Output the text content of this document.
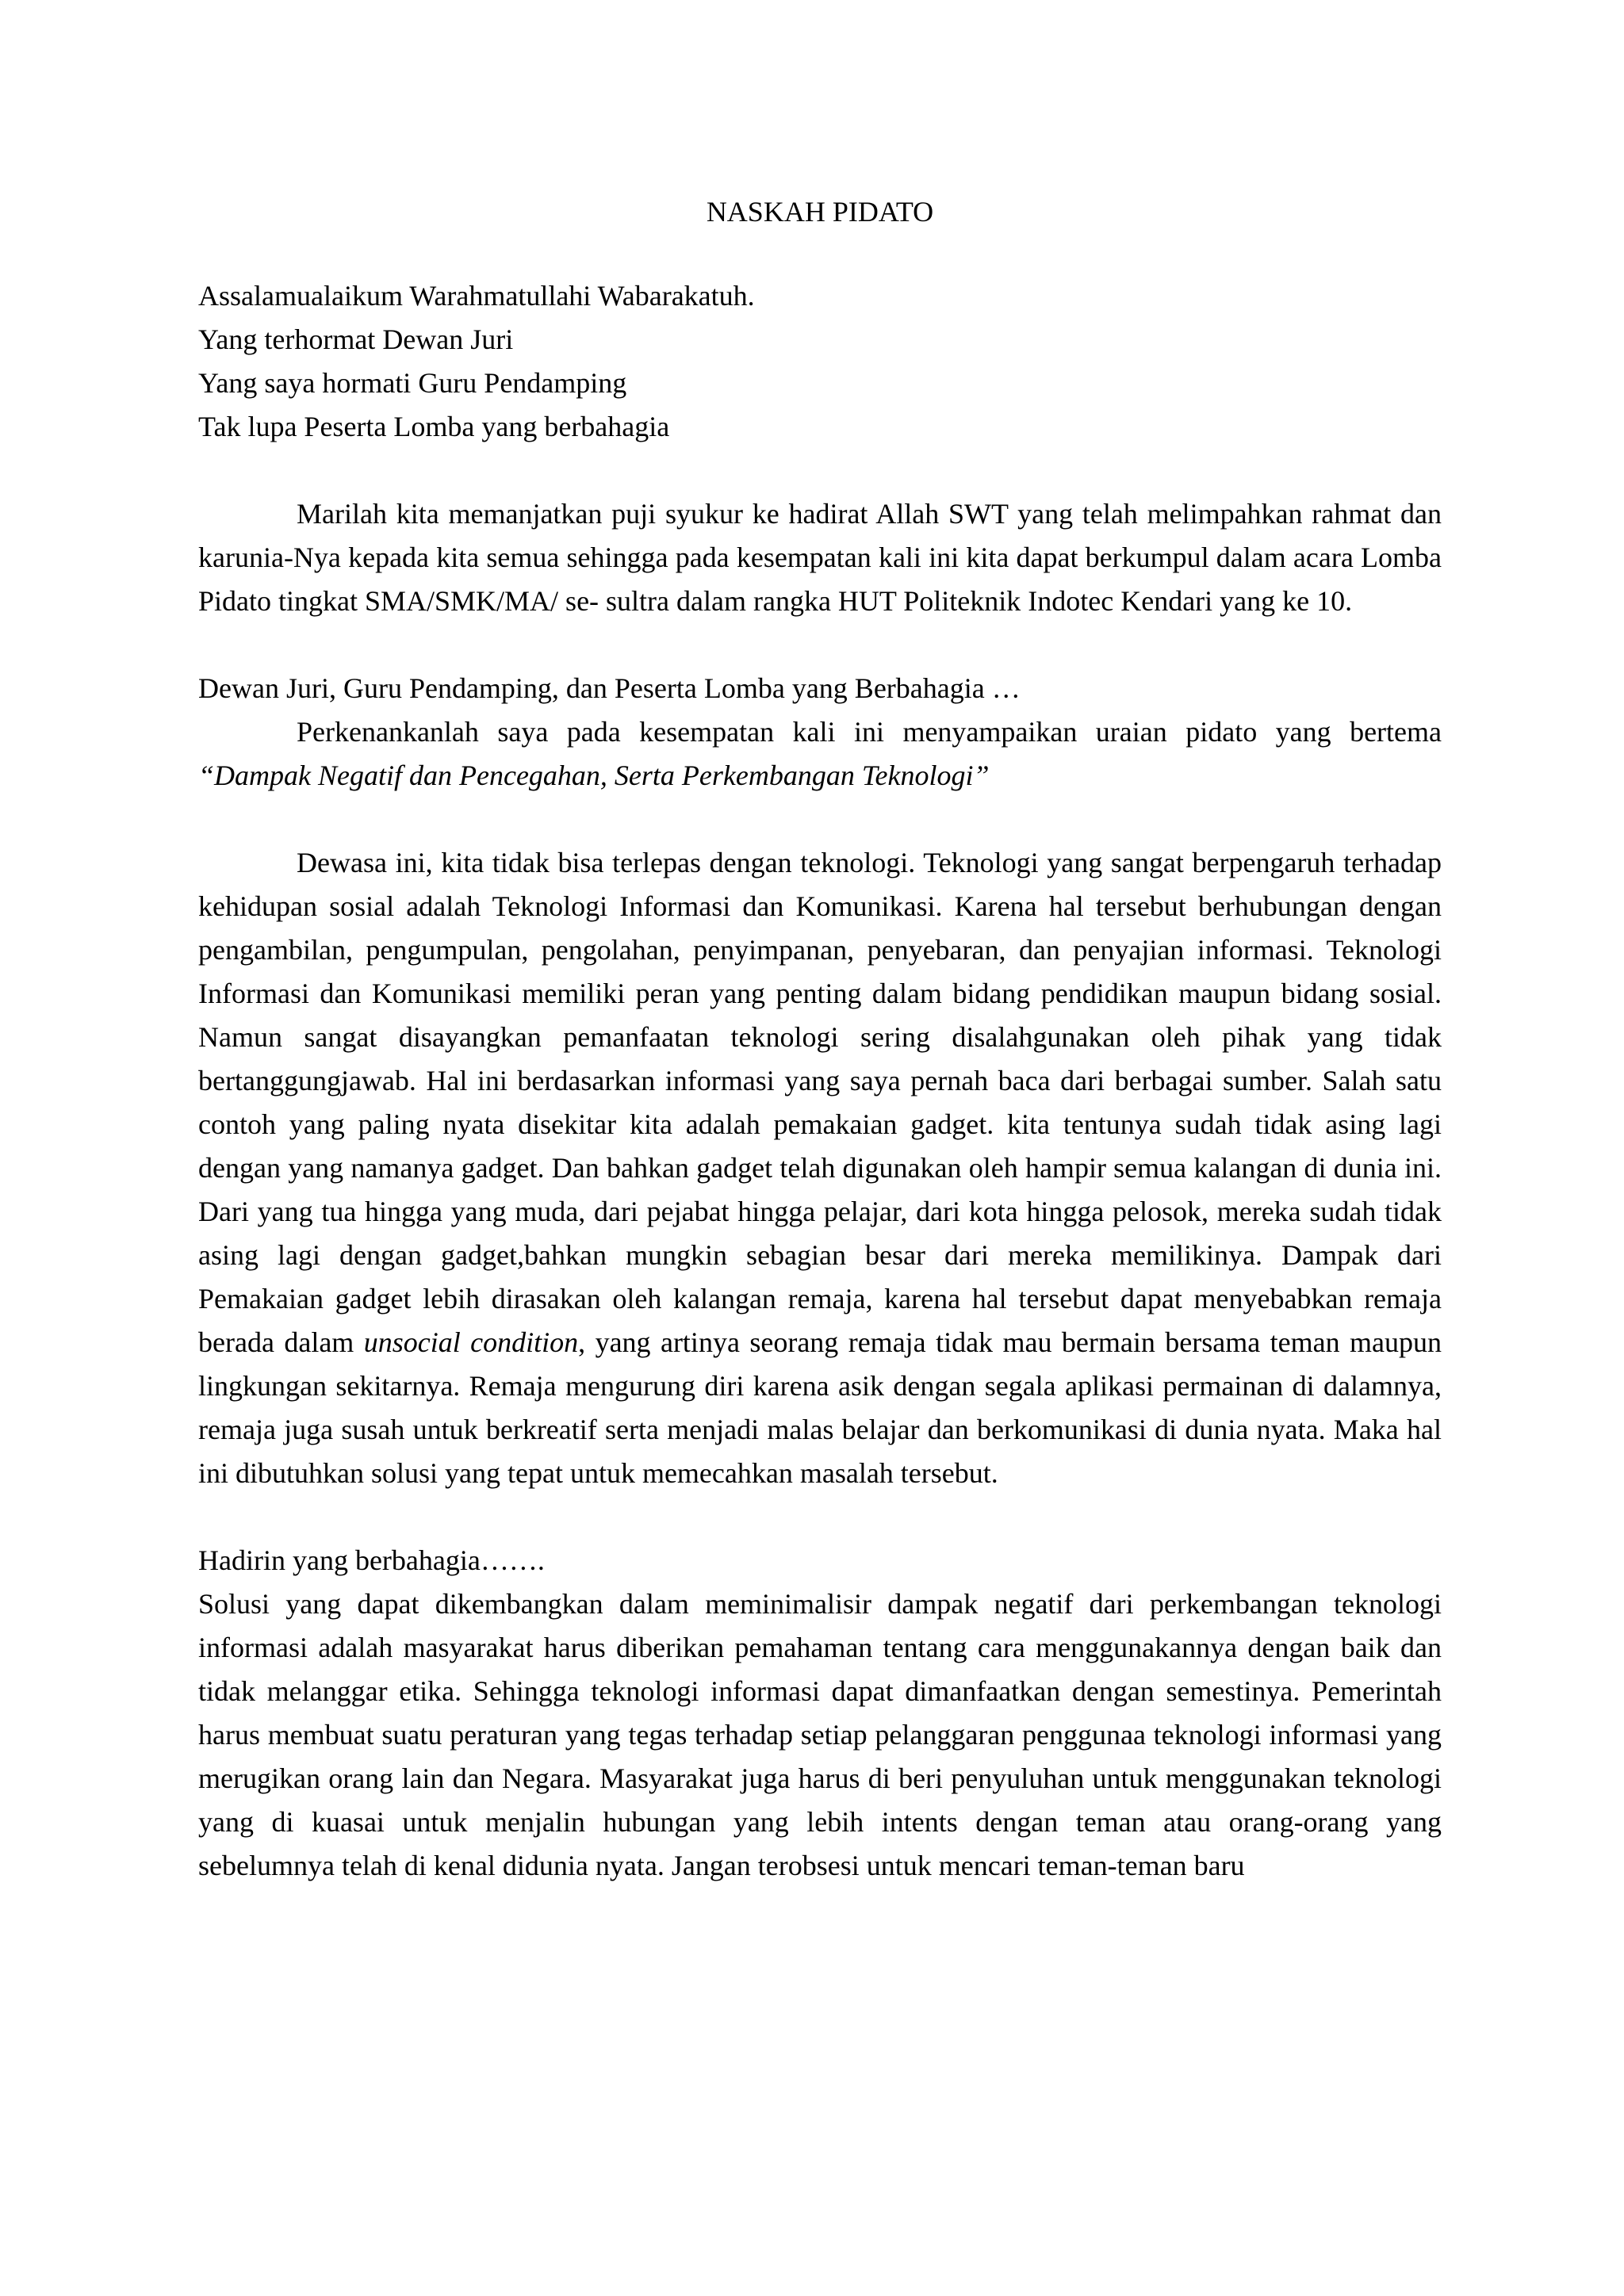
NASKAH PIDATO

Assalamualaikum Warahmatullahi Wabarakatuh.

Yang terhormat Dewan Juri

Yang saya hormati Guru Pendamping

Tak lupa Peserta Lomba yang berbahagia

Marilah kita memanjatkan puji syukur ke hadirat Allah SWT yang telah melimpahkan rahmat dan karunia-Nya kepada kita semua sehingga pada kesempatan kali ini kita dapat berkumpul dalam acara Lomba Pidato tingkat SMA/SMK/MA/ se- sultra dalam rangka HUT Politeknik Indotec Kendari yang ke 10.

Dewan Juri, Guru Pendamping, dan Peserta Lomba yang Berbahagia …

Perkenankanlah saya pada kesempatan kali ini menyampaikan uraian pidato yang bertema “Dampak Negatif dan Pencegahan, Serta Perkembangan Teknologi”

Dewasa ini, kita tidak bisa terlepas dengan teknologi. Teknologi yang sangat berpengaruh terhadap kehidupan sosial adalah Teknologi Informasi dan Komunikasi. Karena hal tersebut berhubungan dengan pengambilan, pengumpulan, pengolahan, penyimpanan, penyebaran, dan penyajian informasi. Teknologi Informasi dan Komunikasi memiliki peran yang penting dalam bidang pendidikan maupun bidang sosial. Namun sangat disayangkan pemanfaatan teknologi sering disalahgunakan oleh pihak yang tidak bertanggungjawab. Hal ini berdasarkan informasi yang saya pernah baca dari berbagai sumber. Salah satu contoh yang paling nyata disekitar kita adalah pemakaian gadget. kita tentunya sudah tidak asing lagi dengan yang namanya gadget. Dan bahkan gadget telah digunakan oleh hampir semua kalangan di dunia ini. Dari yang tua hingga yang muda, dari pejabat hingga pelajar, dari kota hingga pelosok, mereka sudah tidak asing lagi dengan gadget,bahkan mungkin sebagian besar dari mereka memilikinya. Dampak dari Pemakaian gadget lebih dirasakan oleh kalangan remaja, karena hal tersebut dapat menyebabkan remaja berada dalam unsocial condition, yang artinya seorang remaja tidak mau bermain bersama teman maupun lingkungan sekitarnya. Remaja mengurung diri karena asik dengan segala aplikasi permainan di dalamnya, remaja juga susah untuk berkreatif serta menjadi malas belajar dan berkomunikasi di dunia nyata. Maka hal ini dibutuhkan solusi yang tepat untuk memecahkan masalah tersebut.

Hadirin yang berbahagia…….

Solusi yang dapat dikembangkan dalam meminimalisir dampak negatif dari perkembangan teknologi informasi adalah masyarakat harus diberikan pemahaman tentang cara menggunakannya dengan baik dan tidak melanggar etika. Sehingga teknologi informasi dapat dimanfaatkan dengan semestinya. Pemerintah harus membuat suatu peraturan yang tegas terhadap setiap pelanggaran penggunaa teknologi informasi yang merugikan orang lain dan Negara. Masyarakat juga harus di beri penyuluhan untuk menggunakan teknologi yang di kuasai untuk menjalin hubungan yang lebih intents dengan teman atau orang-orang yang sebelumnya telah di kenal didunia nyata. Jangan terobsesi untuk mencari teman-teman baru
